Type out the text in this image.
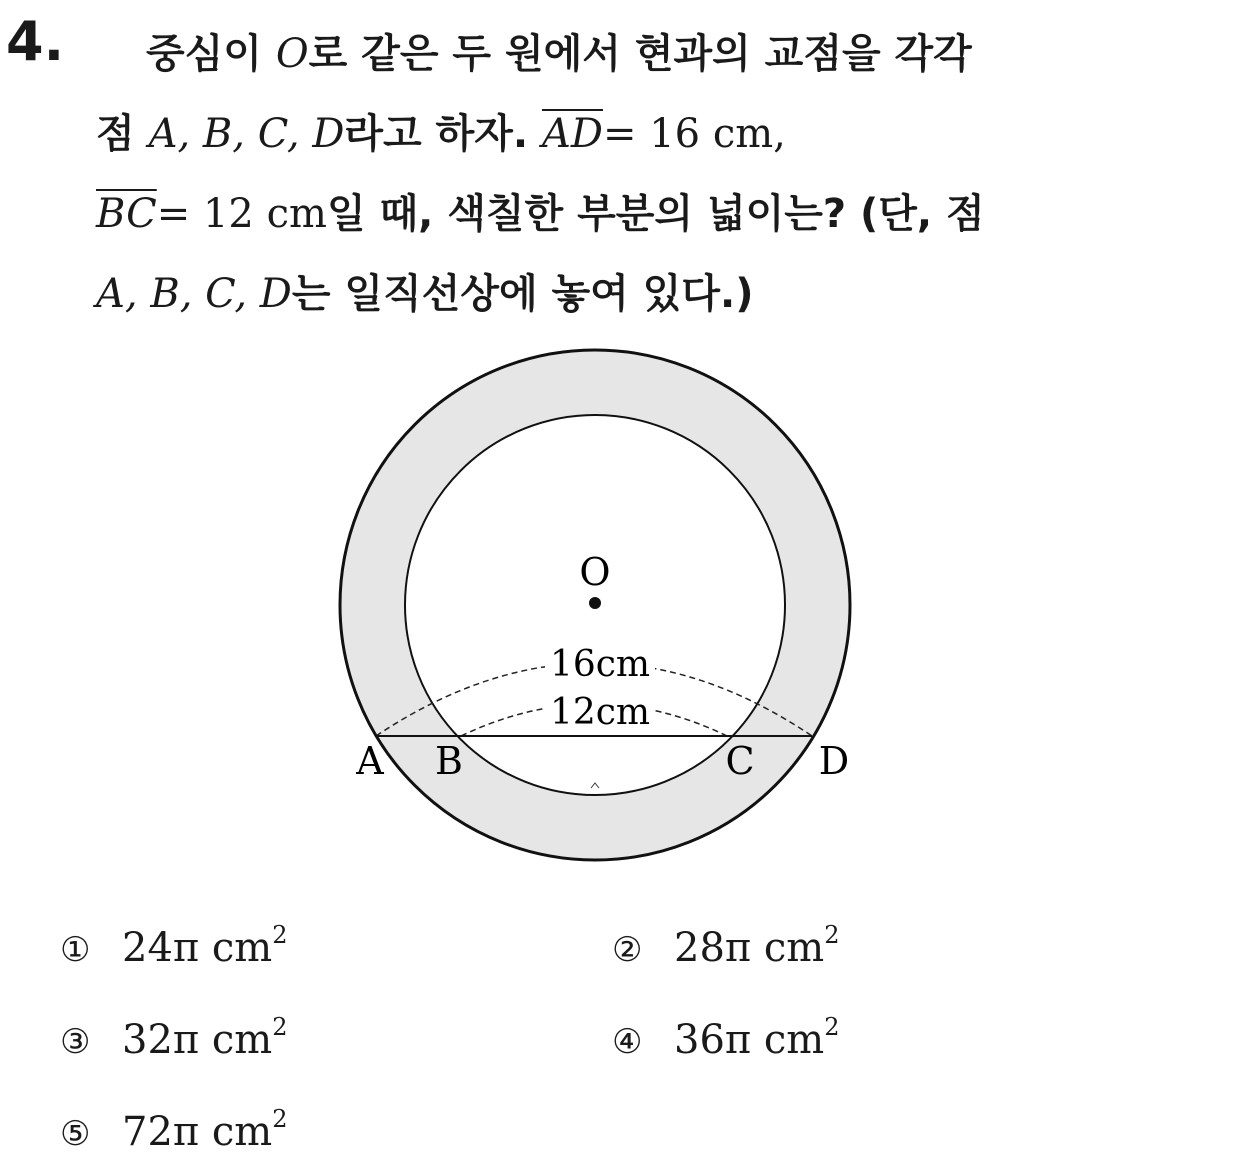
4.	중심이 O로 같은 두 원에서 현과의 교점을 각각
점 A, B, C, D라고 하자. $\overline{AD}= 16$ cm,
$\overline{BC}= 12$ cm일 때, 색칠한 부분의 넓이는? (단, 점
A, B, C, D는 일직선상에 놓여 있다.)
O
16cm
12cm
A B	C D
① 24π $cm^2$	② 28π $cm^2$
③ 32π $cm^2$	④ 36π $cm^2$
⑤ 72π $cm^2$
